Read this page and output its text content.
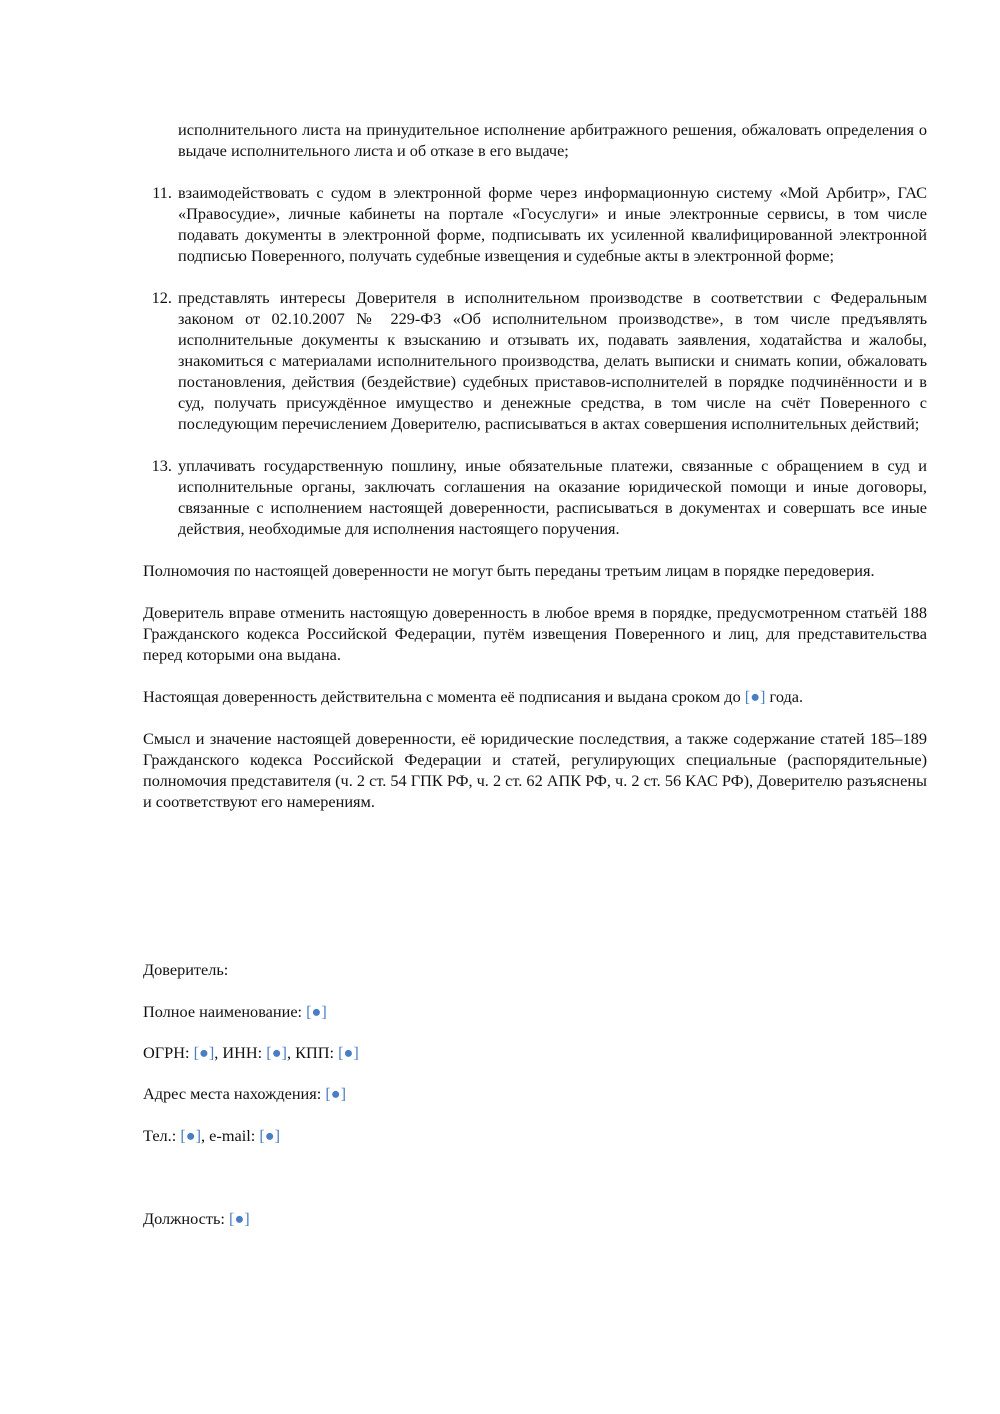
исполнительного листа на принудительное исполнение арбитражного решения, обжаловать определения о выдаче исполнительного листа и об отказе в его выдаче;

11. взаимодействовать с судом в электронной форме через информационную систему «Мой Арбитр», ГАС «Правосудие», личные кабинеты на портале «Госуслуги» и иные электронные сервисы, в том числе подавать документы в электронной форме, подписывать их усиленной квалифицированной электронной подписью Поверенного, получать судебные извещения и судебные акты в электронной форме;
12. представлять интересы Доверителя в исполнительном производстве в соответствии с Федеральным законом от 02.10.2007 № 229-ФЗ «Об исполнительном производстве», в том числе предъявлять исполнительные документы к взысканию и отзывать их, подавать заявления, ходатайства и жалобы, знакомиться с материалами исполнительного производства, делать выписки и снимать копии, обжаловать постановления, действия (бездействие) судебных приставов-исполнителей в порядке подчинённости и в суд, получать присуждённое имущество и денежные средства, в том числе на счёт Поверенного с последующим перечислением Доверителю, расписываться в актах совершения исполнительных действий;
13. уплачивать государственную пошлину, иные обязательные платежи, связанные с обращением в суд и исполнительные органы, заключать соглашения на оказание юридической помощи и иные договоры, связанные с исполнением настоящей доверенности, расписываться в документах и совершать все иные действия, необходимые для исполнения настоящего поручения.

Полномочия по настоящей доверенности не могут быть переданы третьим лицам в порядке передоверия.

Доверитель вправе отменить настоящую доверенность в любое время в порядке, предусмотренном статьёй 188 Гражданского кодекса Российской Федерации, путём извещения Поверенного и лиц, для представительства перед которыми она выдана.

Настоящая доверенность действительна с момента её подписания и выдана сроком до [●] года.

Смысл и значение настоящей доверенности, её юридические последствия, а также содержание статей 185–189 Гражданского кодекса Российской Федерации и статей, регулирующих специальные (распорядительные) полномочия представителя (ч. 2 ст. 54 ГПК РФ, ч. 2 ст. 62 АПК РФ, ч. 2 ст. 56 КАС РФ), Доверителю разъяснены и соответствуют его намерениям.

Доверитель:
Полное наименование: [●]
ОГРН: [●], ИНН: [●], КПП: [●]
Адрес места нахождения: [●]
Тел.: [●], e-mail: [●]
Должность: [●]
